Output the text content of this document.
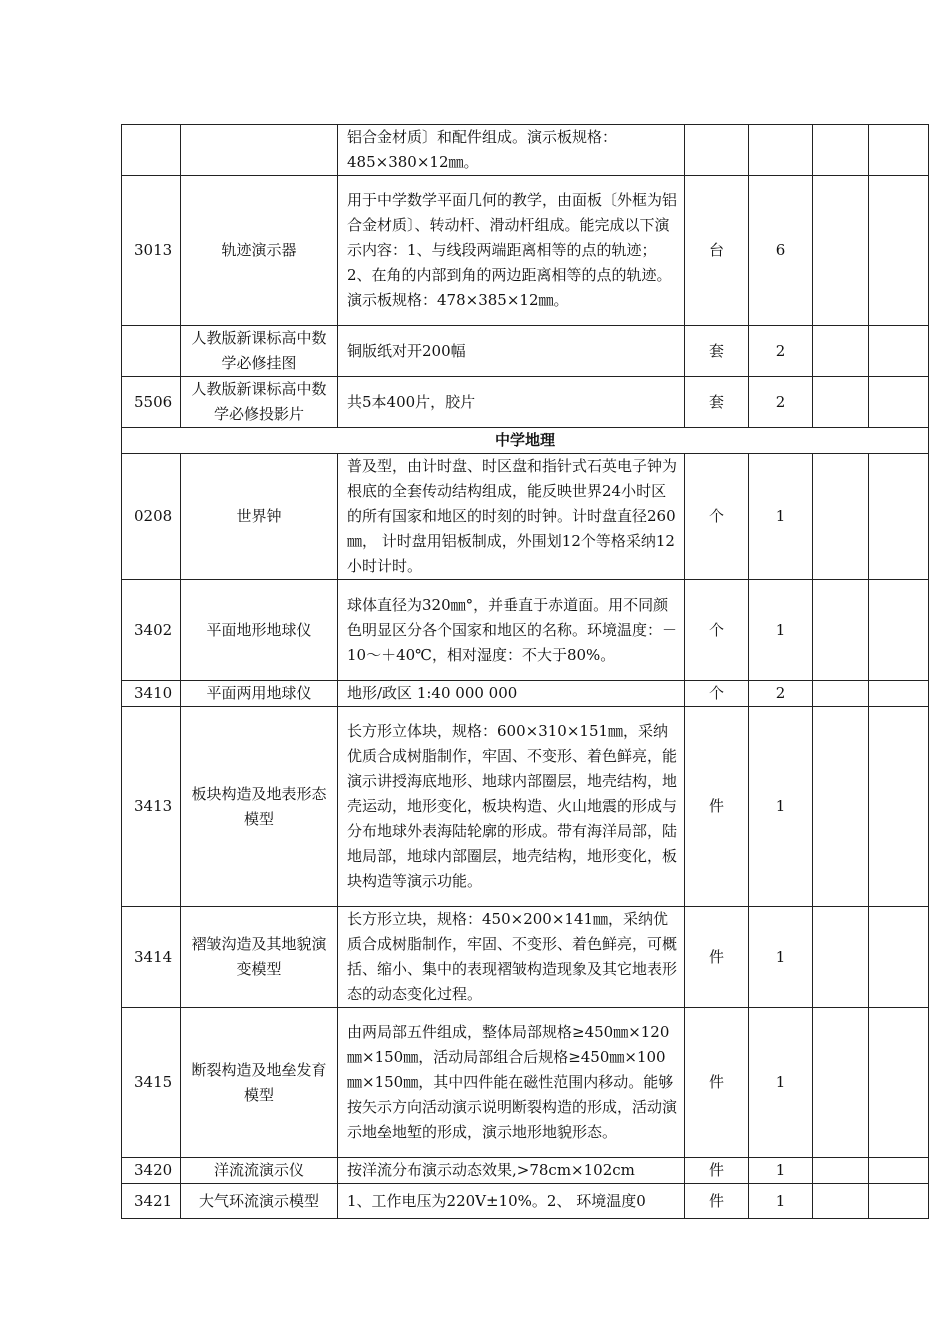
		铝合金材质〕和配件组成。演示板规格：485×380×12㎜。				
3013	轨迹演示器	用于中学数学平面几何的教学，由面板〔外框为铝合金材质〕、转动杆、滑动杆组成。能完成以下演示内容：1、与线段两端距离相等的点的轨迹；2、在角的内部到角的两边距离相等的点的轨迹。演示板规格：478×385×12㎜。	台	6		
	人教版新课标高中数学必修挂图	铜版纸对开200幅	套	2		
5506	人教版新课标高中数学必修投影片	共5本400片，胶片	套	2		
中学地理						
0208	世界钟	普及型，由计时盘、时区盘和指针式石英电子钟为根底的全套传动结构组成，能反映世界24小时区的所有国家和地区的时刻的时钟。计时盘直径260㎜， 计时盘用铝板制成，外围划12个等格采纳12小时计时。	个	1		
3402	平面地形地球仪	球体直径为320㎜°，并垂直于赤道面。用不同颜色明显区分各个国家和地区的名称。环境温度：－10～＋40℃，相对湿度：不大于80%。	个	1		
3410	平面两用地球仪	地形/政区 1:40 000 000	个	2		
3413	板块构造及地表形态模型	长方形立体块，规格：600×310×151㎜，采纳优质合成树脂制作，牢固、不变形、着色鲜亮，能演示讲授海底地形、地球内部圈层，地壳结构，地壳运动，地形变化，板块构造、火山地震的形成与分布地球外表海陆轮廓的形成。带有海洋局部，陆地局部，地球内部圈层，地壳结构，地形变化，板块构造等演示功能。	件	1		
3414	褶皱沟造及其地貌演变模型	长方形立块，规格：450×200×141㎜，采纳优质合成树脂制作，牢固、不变形、着色鲜亮，可概括、缩小、集中的表现褶皱构造现象及其它地表形态的动态变化过程。	件	1		
3415	断裂构造及地垒发育模型	由两局部五件组成，整体局部规格≥450㎜×120㎜×150㎜，活动局部组合后规格≥450㎜×100㎜×150㎜，其中四件能在磁性范围内移动。能够按矢示方向活动演示说明断裂构造的形成，活动演示地垒地堑的形成，演示地形地貌形态。	件	1		
3420	洋流流演示仪	按洋流分布演示动态效果,>78cm×102cm	件	1		
3421	大气环流演示模型	1、工作电压为220V±10%。2、 环境温度0	件	1		
